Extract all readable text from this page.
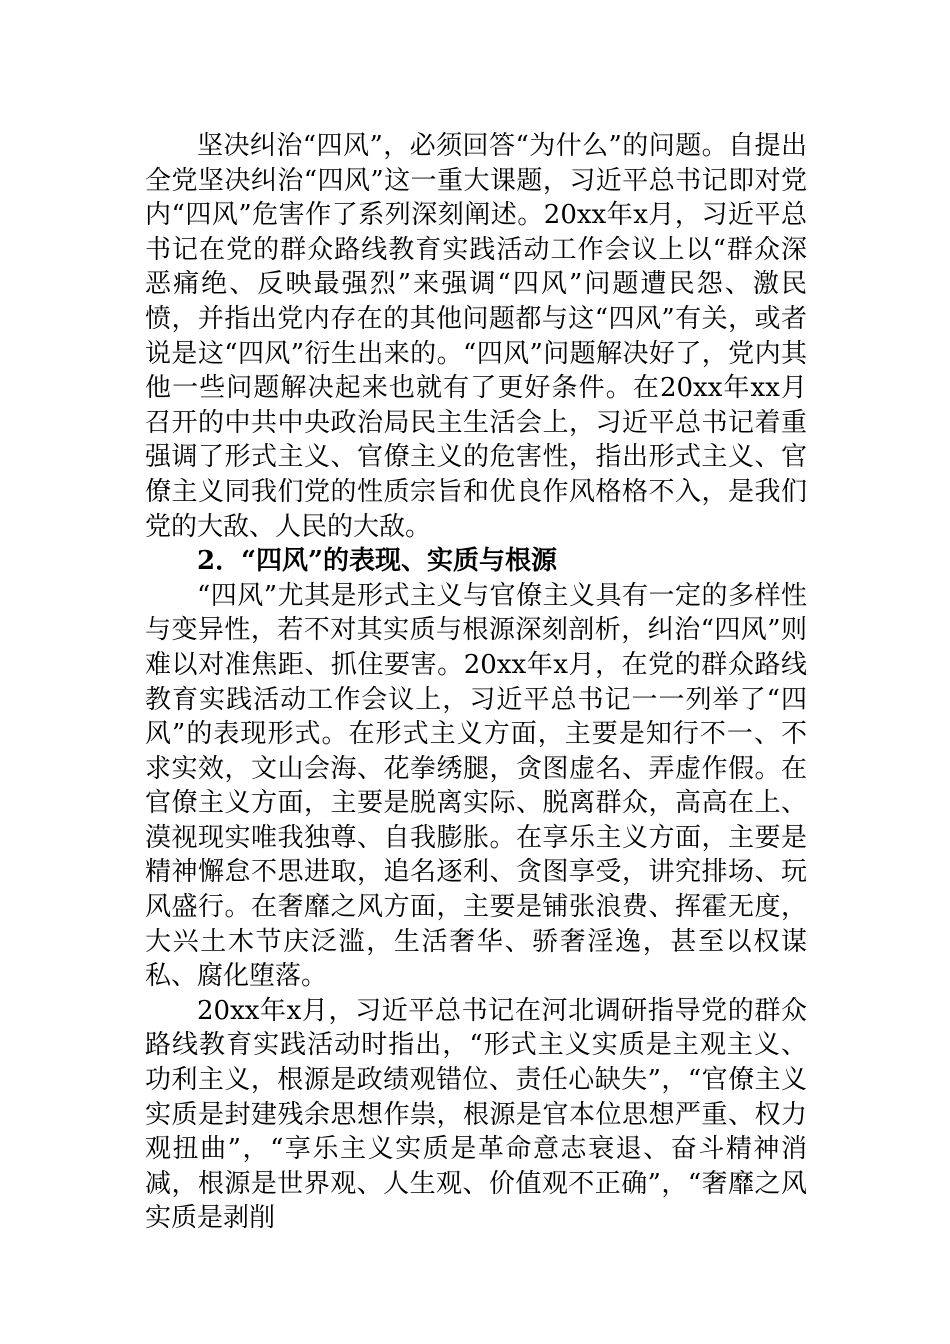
坚决纠治“四风”，必须回答“为什么”的问题。自提出全党坚决纠治“四风”这一重大课题，习近平总书记即对党内“四风”危害作了系列深刻阐述。20xx年x月，习近平总书记在党的群众路线教育实践活动工作会议上以“群众深恶痛绝、反映最强烈”来强调“四风”问题遭民怨、激民愤，并指出党内存在的其他问题都与这“四风”有关，或者说是这“四风”衍生出来的。“四风”问题解决好了，党内其他一些问题解决起来也就有了更好条件。在20xx年xx月召开的中共中央政治局民主生活会上，习近平总书记着重强调了形式主义、官僚主义的危害性，指出形式主义、官僚主义同我们党的性质宗旨和优良作风格格不入，是我们党的大敌、人民的大敌。

2．“四风”的表现、实质与根源

“四风”尤其是形式主义与官僚主义具有一定的多样性与变异性，若不对其实质与根源深刻剖析，纠治“四风”则难以对准焦距、抓住要害。20xx年x月，在党的群众路线教育实践活动工作会议上，习近平总书记一一列举了“四风”的表现形式。在形式主义方面，主要是知行不一、不求实效，文山会海、花拳绣腿，贪图虚名、弄虚作假。在官僚主义方面，主要是脱离实际、脱离群众，高高在上、漠视现实唯我独尊、自我膨胀。在享乐主义方面，主要是精神懈怠不思进取，追名逐利、贪图享受，讲究排场、玩风盛行。在奢靡之风方面，主要是铺张浪费、挥霍无度，大兴土木节庆泛滥，生活奢华、骄奢淫逸，甚至以权谋私、腐化堕落。

20xx年x月，习近平总书记在河北调研指导党的群众路线教育实践活动时指出，“形式主义实质是主观主义、功利主义，根源是政绩观错位、责任心缺失”，“官僚主义实质是封建残余思想作祟，根源是官本位思想严重、权力观扭曲”，“享乐主义实质是革命意志衰退、奋斗精神消减，根源是世界观、人生观、价值观不正确”，“奢靡之风实质是剥削
